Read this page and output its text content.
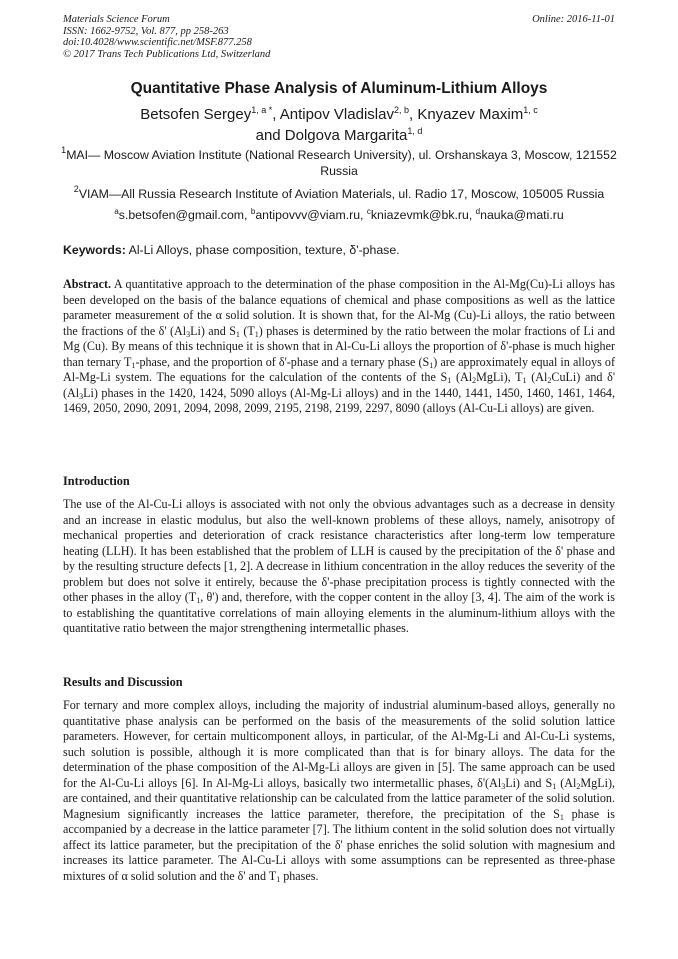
Materials Science Forum
ISSN: 1662-9752, Vol. 877, pp 258-263
doi:10.4028/www.scientific.net/MSF.877.258
© 2017 Trans Tech Publications Ltd, Switzerland
Online: 2016-11-01
Quantitative Phase Analysis of Aluminum-Lithium Alloys
Betsofen Sergey$^{1, a *}$, Antipov Vladislav$^{2, b}$, Knyazev Maxim$^{1, c}$
and Dolgova Margarita$^{1, d}$
$^1$MAI— Moscow Aviation Institute (National Research University), ul. Orshanskaya 3, Moscow, 121552 Russia
$^2$VIAM—All Russia Research Institute of Aviation Materials, ul. Radio 17, Moscow, 105005 Russia
$^a$s.betsofen@gmail.com, $^b$antipovvv@viam.ru, $^c$kniazevmk@bk.ru, $^d$nauka@mati.ru
Keywords: Al-Li Alloys, phase composition, texture, δ'-phase.
Abstract. A quantitative approach to the determination of the phase composition in the Al-Mg(Cu)-Li alloys has been developed on the basis of the balance equations of chemical and phase compositions as well as the lattice parameter measurement of the α solid solution. It is shown that, for the Al-Mg (Cu)-Li alloys, the ratio between the fractions of the δ' $(Al_3Li)$ and $S_1$ $(T_1)$ phases is determined by the ratio between the molar fractions of Li and Mg (Cu). By means of this technique it is shown that in Al-Cu-Li alloys the proportion of δ'-phase is much higher than ternary $T_1$-phase, and the proportion of δ'-phase and a ternary phase $(S_1)$ are approximately equal in alloys of Al-Mg-Li system. The equations for the calculation of the contents of the $S_1$ $(Al_2MgLi)$, $T_1$ $(Al_2CuLi)$ and δ' $(Al_3Li)$ phases in the 1420, 1424, 5090 alloys (Al-Mg-Li alloys) and in the 1440, 1441, 1450, 1460, 1461, 1464, 1469, 2050, 2090, 2091, 2094, 2098, 2099, 2195, 2198, 2199, 2297, 8090 (alloys (Al-Cu-Li alloys) are given.
Introduction
The use of the Al-Cu-Li alloys is associated with not only the obvious advantages such as a decrease in density and an increase in elastic modulus, but also the well-known problems of these alloys, namely, anisotropy of mechanical properties and deterioration of crack resistance characteristics after long-term low temperature heating (LLH). It has been established that the problem of LLH is caused by the precipitation of the δ' phase and by the resulting structure defects [1, 2]. A decrease in lithium concentration in the alloy reduces the severity of the problem but does not solve it entirely, because the δ'-phase precipitation process is tightly connected with the other phases in the alloy ($T_1$, θ') and, therefore, with the copper content in the alloy [3, 4]. The aim of the work is to establishing the quantitative correlations of main alloying elements in the aluminum-lithium alloys with the quantitative ratio between the major strengthening intermetallic phases.
Results and Discussion
For ternary and more complex alloys, including the majority of industrial aluminum-based alloys, generally no quantitative phase analysis can be performed on the basis of the measurements of the solid solution lattice parameters. However, for certain multicomponent alloys, in particular, of the Al-Mg-Li and Al-Cu-Li systems, such solution is possible, although it is more complicated than that is for binary alloys. The data for the determination of the phase composition of the Al-Mg-Li alloys are given in [5]. The same approach can be used for the Al-Cu-Li alloys [6]. In Al-Mg-Li alloys, basically two intermetallic phases, $\delta'(Al_3Li)$ and $S_1$ $(Al_2MgLi)$, are contained, and their quantitative relationship can be calculated from the lattice parameter of the solid solution. Magnesium significantly increases the lattice parameter, therefore, the precipitation of the $S_1$ phase is accompanied by a decrease in the lattice parameter [7]. The lithium content in the solid solution does not virtually affect its lattice parameter, but the precipitation of the δ' phase enriches the solid solution with magnesium and increases its lattice parameter. The Al-Cu-Li alloys with some assumptions can be represented as three-phase mixtures of α solid solution and the δ' and $T_1$ phases.
